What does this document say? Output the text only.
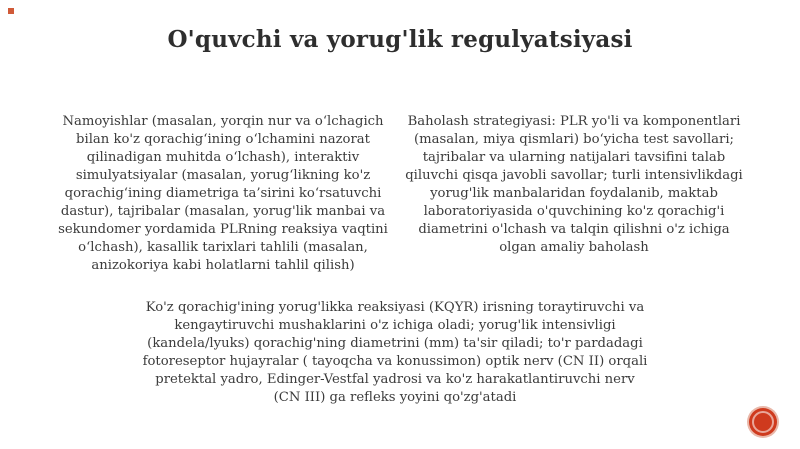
O'quvchi va yorug'lik regulyatsiyasi
Namoyishlar (masalan, yorqin nur va o‘lchagich bilan ko'z qorachig‘ining o‘lchamini nazorat qilinadigan muhitda o‘lchash), interaktiv simulyatsiyalar (masalan, yorug‘likning ko'z qorachig‘ining diametriga ta’sirini ko‘rsatuvchi dastur), tajribalar (masalan, yorug'lik manbai va sekundomer yordamida PLRning reaksiya vaqtini o‘lchash), kasallik tarixlari tahlili (masalan, anizokoriya kabi holatlarni tahlil qilish)
Baholash strategiyasi: PLR yo'li va komponentlari (masalan, miya qismlari) bo‘yicha test savollari; tajribalar va ularning natijalari tavsifini talab qiluvchi qisqa javobli savollar; turli intensivlikdagi yorug'lik manbalaridan foydalanib, maktab laboratoriyasida o'quvchining ko'z qorachig'i diametrini o'lchash va talqin qilishni o'z ichiga olgan amaliy baholash
Ko'z qorachig'ining yorug'likka reaksiyasi (KQYR) irisning toraytiruvchi va kengaytiruvchi mushaklarini o'z ichiga oladi; yorug'lik intensivligi (kandela/lyuks) qorachig'ning diametrini (mm) ta'sir qiladi; to'r pardadagi fotoreseptor hujayralar ( tayoqcha va konussimon) optik nerv (CN II) orqali pretektal yadro, Edinger-Vestfal yadrosi va ko'z harakatlantiruvchi nerv (CN III) ga refleks yoyini qo'zg'atadi
